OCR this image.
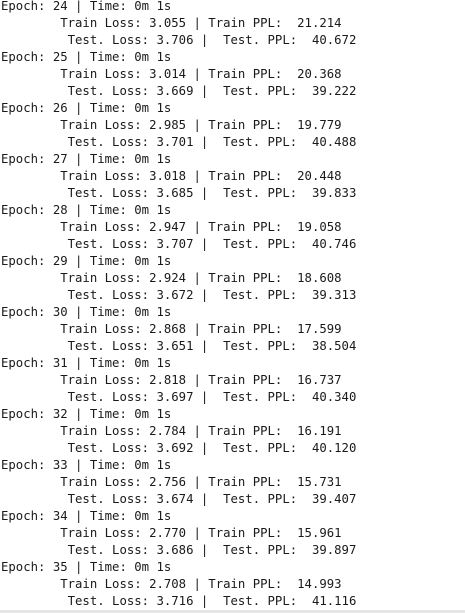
Epoch: 24 | Time: 0m 1s
Train Loss: 3.055 | Train PPL:  21.214
Test. Loss: 3.706 |  Test. PPL:  40.672
Epoch: 25 | Time: 0m 1s
Train Loss: 3.014 | Train PPL:  20.368
Test. Loss: 3.669 |  Test. PPL:  39.222
Epoch: 26 | Time: 0m 1s
Train Loss: 2.985 | Train PPL:  19.779
Test. Loss: 3.701 |  Test. PPL:  40.488
Epoch: 27 | Time: 0m 1s
Train Loss: 3.018 | Train PPL:  20.448
Test. Loss: 3.685 |  Test. PPL:  39.833
Epoch: 28 | Time: 0m 1s
Train Loss: 2.947 | Train PPL:  19.058
Test. Loss: 3.707 |  Test. PPL:  40.746
Epoch: 29 | Time: 0m 1s
Train Loss: 2.924 | Train PPL:  18.608
Test. Loss: 3.672 |  Test. PPL:  39.313
Epoch: 30 | Time: 0m 1s
Train Loss: 2.868 | Train PPL:  17.599
Test. Loss: 3.651 |  Test. PPL:  38.504
Epoch: 31 | Time: 0m 1s
Train Loss: 2.818 | Train PPL:  16.737
Test. Loss: 3.697 |  Test. PPL:  40.340
Epoch: 32 | Time: 0m 1s
Train Loss: 2.784 | Train PPL:  16.191
Test. Loss: 3.692 |  Test. PPL:  40.120
Epoch: 33 | Time: 0m 1s
Train Loss: 2.756 | Train PPL:  15.731
Test. Loss: 3.674 |  Test. PPL:  39.407
Epoch: 34 | Time: 0m 1s
Train Loss: 2.770 | Train PPL:  15.961
Test. Loss: 3.686 |  Test. PPL:  39.897
Epoch: 35 | Time: 0m 1s
Train Loss: 2.708 | Train PPL:  14.993
Test. Loss: 3.716 |  Test. PPL:  41.116
